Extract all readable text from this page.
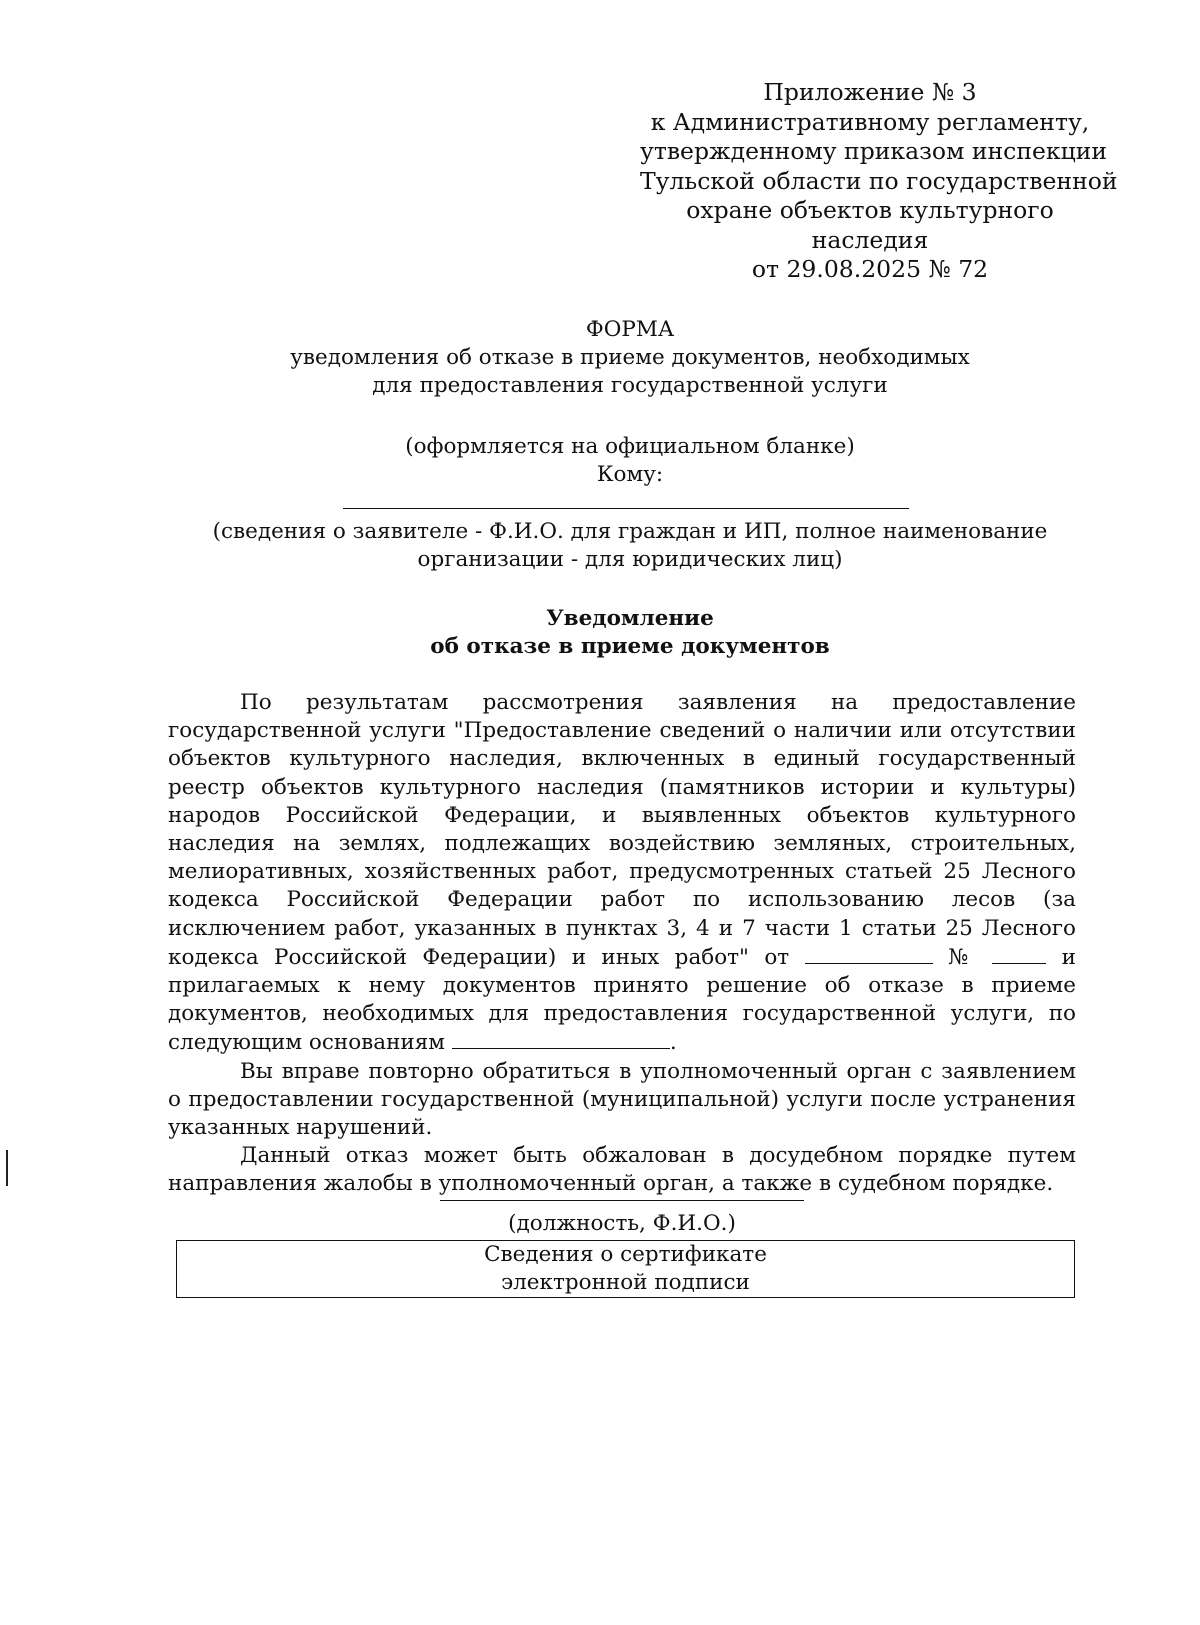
Приложение № 3
к Административному регламенту,
утвержденному приказом инспекции
Тульской области по государственной
охране объектов культурного
наследия
от 29.08.2025 № 72
ФОРМА
уведомления об отказе в приеме документов, необходимых
для предоставления государственной услуги
(оформляется на официальном бланке)
Кому:
(сведения о заявителе - Ф.И.О. для граждан и ИП, полное наименование
организации - для юридических лиц)
Уведомление
об отказе в приеме документов

По результатам рассмотрения заявления на предоставление государственной услуги "Предоставление сведений о наличии или отсутствии объектов культурного наследия, включенных в единый государственный реестр объектов культурного наследия (памятников истории и культуры) народов Российской Федерации, и выявленных объектов культурного наследия на землях, подлежащих воздействию земляных, строительных, мелиоративных, хозяйственных работ, предусмотренных статьей 25 Лесного кодекса Российской Федерации работ по использованию лесов (за исключением работ, указанных в пунктах 3, 4 и 7 части 1 статьи 25 Лесного кодекса Российской Федерации) и иных работ" от	№	и прилагаемых к нему документов принято решение об отказе в приеме документов, необходимых для предоставления государственной услуги, по следующим основаниям	.

Вы вправе повторно обратиться в уполномоченный орган с заявлением о предоставлении государственной (муниципальной) услуги после устранения указанных нарушений.

Данный отказ может быть обжалован в досудебном порядке путем направления жалобы в уполномоченный орган, а также в судебном порядке.

(должность, Ф.И.О.)
Сведения о сертификате
электронной подписи
